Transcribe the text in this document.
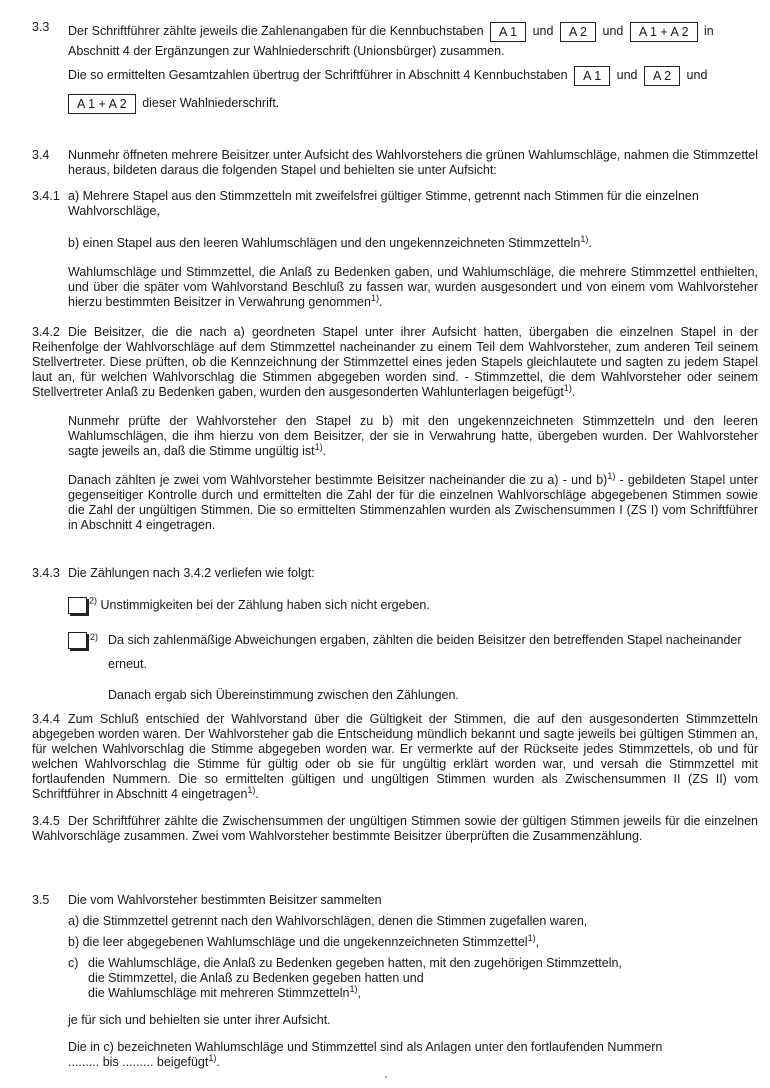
3.3 Der Schriftführer zählte jeweils die Zahlenangaben für die Kennbuchstaben A 1 und A 2 und A 1 + A 2 in
Abschnitt 4 der Ergänzungen zur Wahlniederschrift (Unionsbürger) zusammen.
Die so ermittelten Gesamtzahlen übertrug der Schriftführer in Abschnitt 4 Kennbuchstaben A 1 und A 2 und
A 1 + A 2 dieser Wahlniederschrift.
3.4 Nunmehr öffneten mehrere Beisitzer unter Aufsicht des Wahlvorstehers die grünen Wahlumschläge, nahmen die Stimmzettel heraus, bildeten daraus die folgenden Stapel und behielten sie unter Aufsicht:

3.4.1 a) Mehrere Stapel aus den Stimmzetteln mit zweifelsfrei gültiger Stimme, getrennt nach Stimmen für die einzelnen Wahlvorschläge,

b) einen Stapel aus den leeren Wahlumschlägen und den ungekennzeichneten Stimmzetteln$^{1)}$.

Wahlumschläge und Stimmzettel, die Anlaß zu Bedenken gaben, und Wahlumschläge, die mehrere Stimmzettel enthielten, und über die später vom Wahlvorstand Beschluß zu fassen war, wurden ausgesondert und von einem vom Wahlvorsteher hierzu bestimmten Beisitzer in Verwahrung genommen$^{1)}$.

3.4.2 Die Beisitzer, die die nach a) geordneten Stapel unter ihrer Aufsicht hatten, übergaben die einzelnen Stapel in der Reihenfolge der Wahlvorschläge auf dem Stimmzettel nacheinander zu einem Teil dem Wahlvorsteher, zum anderen Teil seinem Stellvertreter. Diese prüften, ob die Kennzeichnung der Stimmzettel eines jeden Stapels gleichlautete und sagten zu jedem Stapel laut an, für welchen Wahlvorschlag die Stimmen abgegeben worden sind. - Stimmzettel, die dem Wahlvorsteher oder seinem Stellvertreter Anlaß zu Bedenken gaben, wurden den ausgesonderten Wahlunterlagen beigefügt$^{1)}$.

Nunmehr prüfte der Wahlvorsteher den Stapel zu b) mit den ungekennzeichneten Stimmzetteln und den leeren Wahlumschlägen, die ihm hierzu von dem Beisitzer, der sie in Verwahrung hatte, übergeben wurden. Der Wahlvorsteher sagte jeweils an, daß die Stimme ungültig ist$^{1)}$.

Danach zählten je zwei vom Wahlvorsteher bestimmte Beisitzer nacheinander die zu a) - und b)$^{1)}$ - gebildeten Stapel unter gegenseitiger Kontrolle durch und ermittelten die Zahl der für die einzelnen Wahlvorschläge abgegebenen Stimmen sowie die Zahl der ungültigen Stimmen. Die so ermittelten Stimmenzahlen wurden als Zwischensummen I (ZS I) vom Schriftführer in Abschnitt 4 eingetragen.

3.4.3 Die Zählungen nach 3.4.2 verliefen wie folgt:

$^{2)}$ Unstimmigkeiten bei der Zählung haben sich nicht ergeben.
2) Da sich zahlenmäßige Abweichungen ergaben, zählten die beiden Beisitzer den betreffenden Stapel nacheinander erneut.

Danach ergab sich Übereinstimmung zwischen den Zählungen.

3.4.4 Zum Schluß entschied der Wahlvorstand über die Gültigkeit der Stimmen, die auf den ausgesonderten Stimmzetteln abgegeben worden waren. Der Wahlvorsteher gab die Entscheidung mündlich bekannt und sagte jeweils bei gültigen Stimmen an, für welchen Wahlvorschlag die Stimme abgegeben worden war. Er vermerkte auf der Rückseite jedes Stimmzettels, ob und für welchen Wahlvorschlag die Stimme für gültig oder ob sie für ungültig erklärt worden war, und versah die Stimmzettel mit fortlaufenden Nummern. Die so ermittelten gültigen und ungültigen Stimmen wurden als Zwischensummen II (ZS II) vom Schriftführer in Abschnitt 4 eingetragen$^{1)}$.

3.4.5 Der Schriftführer zählte die Zwischensummen der ungültigen Stimmen sowie der gültigen Stimmen jeweils für die einzelnen Wahlvorschläge zusammen. Zwei vom Wahlvorsteher bestimmte Beisitzer überprüften die Zusammenzählung.

3.5 Die vom Wahlvorsteher bestimmten Beisitzer sammelten

a) die Stimmzettel getrennt nach den Wahlvorschlägen, denen die Stimmen zugefallen waren,

b) die leer abgegebenen Wahlumschläge und die ungekennzeichneten Stimmzettel$^{1)}$,

c) die Wahlumschläge, die Anlaß zu Bedenken gegeben hatten, mit den zugehörigen Stimmzetteln,
die Stimmzettel, die Anlaß zu Bedenken gegeben hatten und
die Wahlumschläge mit mehreren Stimmzetteln$^{1)}$,

je für sich und behielten sie unter ihrer Aufsicht.

Die in c) bezeichneten Wahlumschläge und Stimmzettel sind als Anlagen unter den fortlaufenden Nummern
......... bis ......... beigefügt$^{1)}$.
